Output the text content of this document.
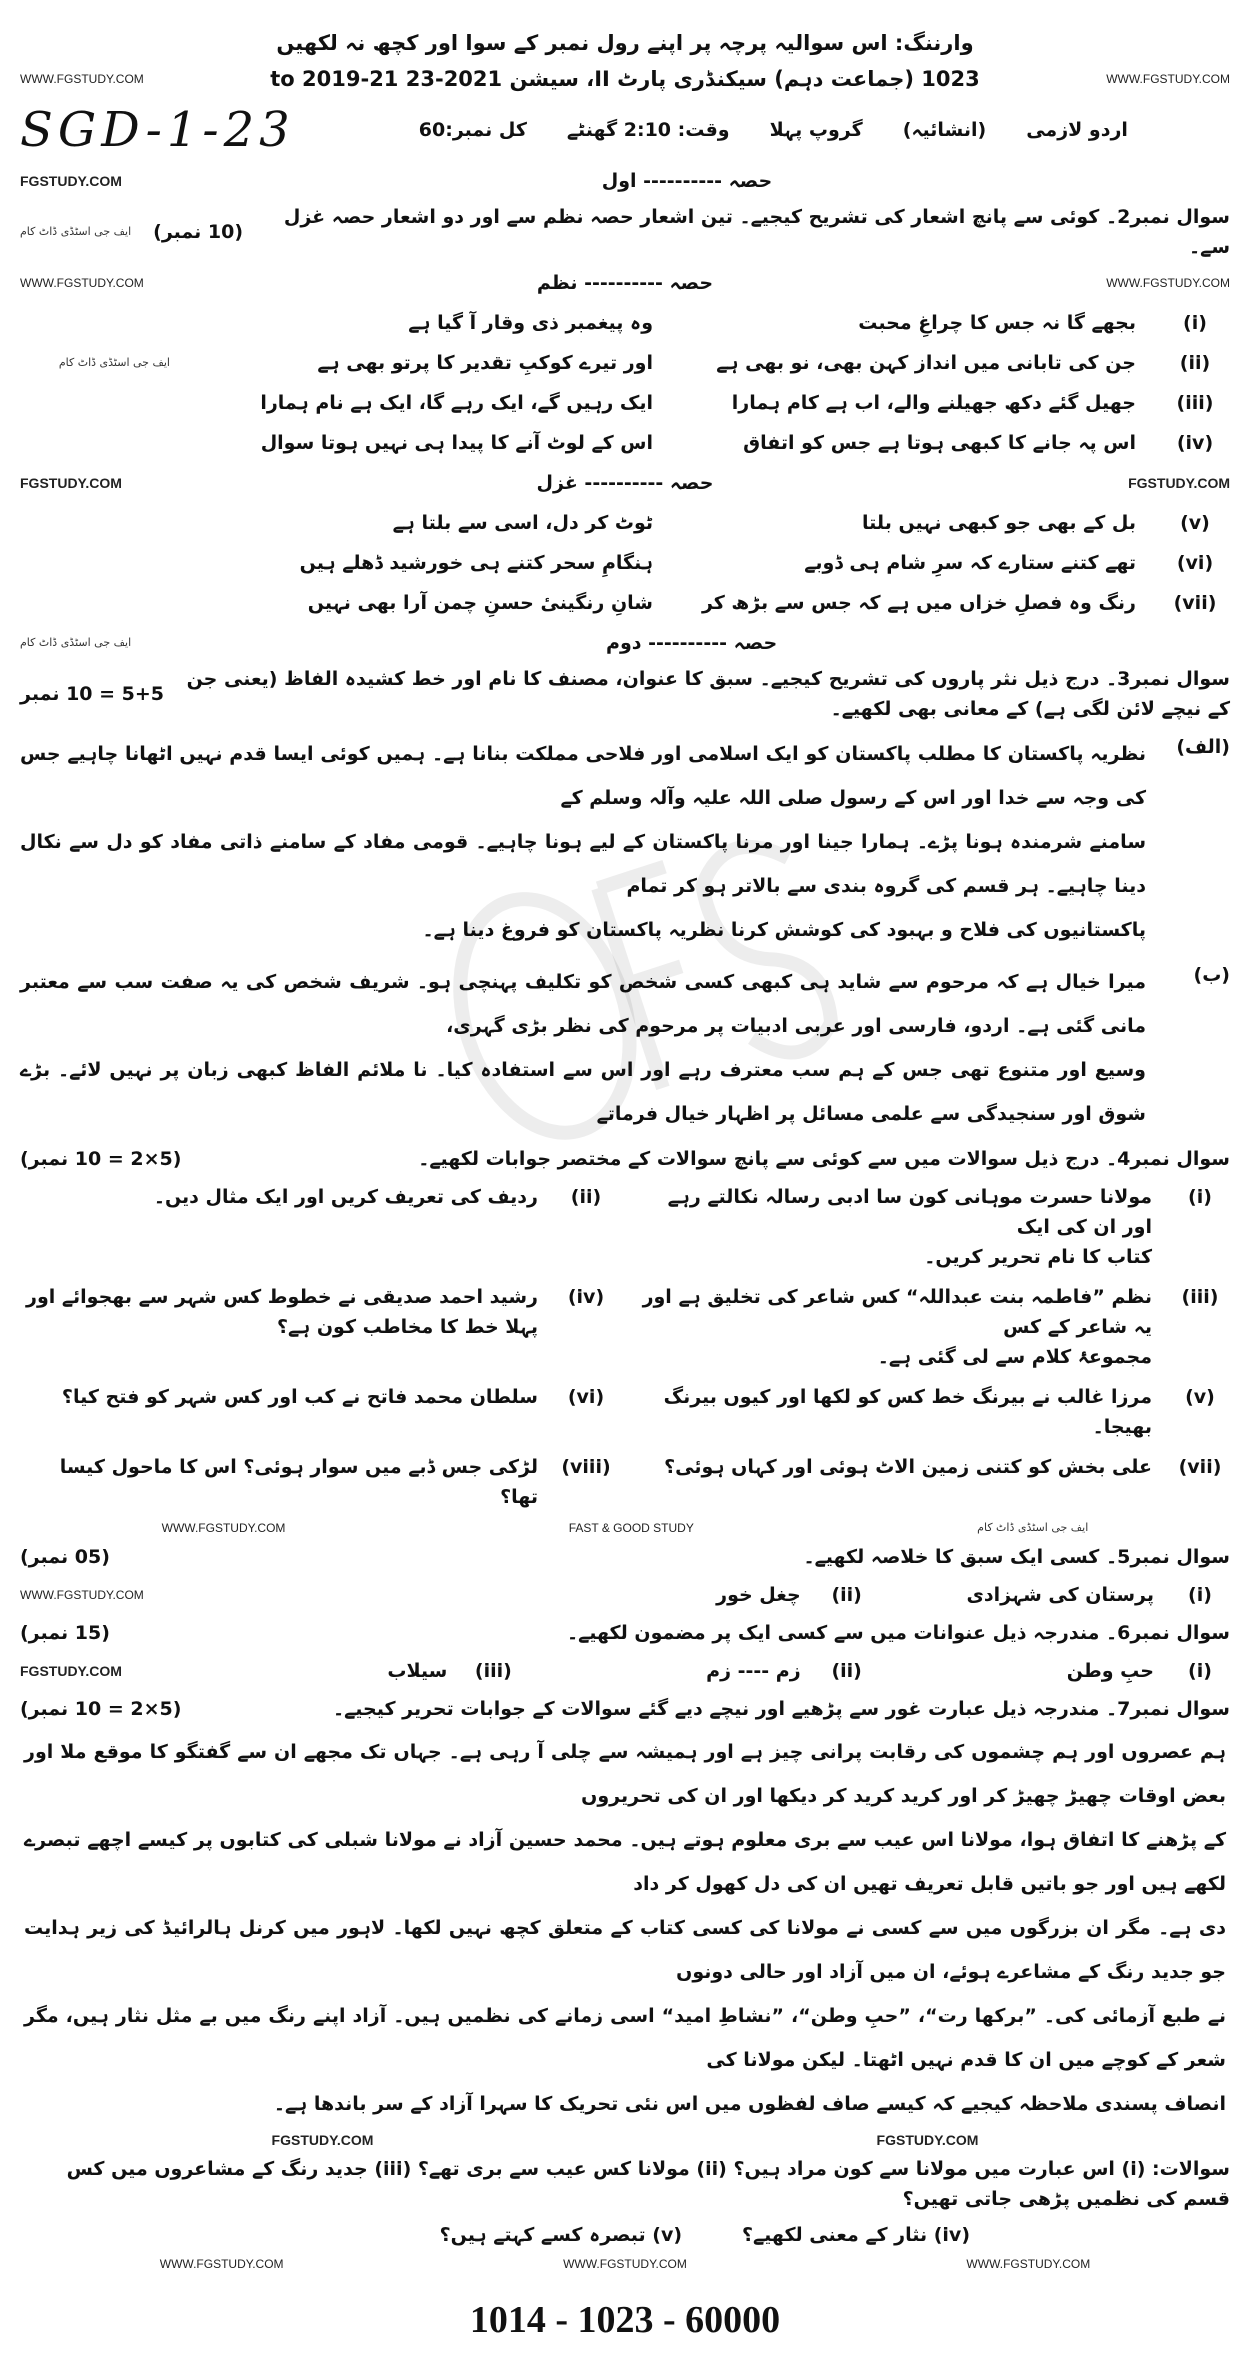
وارننگ: اس سوالیہ پرچہ پر اپنے رول نمبر کے سوا اور کچھ نہ لکھیں
WWW.FGSTUDY.COM
1023 (جماعت دہم) سیکنڈری پارٹ II، سیشن 2021-23 to 2019-21
WWW.FGSTUDY.COM
اردو لازمی
(انشائیہ)
گروپ پہلا
وقت: 2:10 گھنٹے
کل نمبر:60
SGD-1-23
حصہ ---------- اول
FGSTUDY.COM
سوال نمبر2۔ کوئی سے پانچ اشعار کی تشریح کیجیے۔ تین اشعار حصہ نظم سے اور دو اشعار حصہ غزل سے۔
(10 نمبر)
ایف جی اسٹڈی ڈاٹ کام
WWW.FGSTUDY.COM
حصہ ---------- نظم
WWW.FGSTUDY.COM
(i)
بجھے گا نہ جس کا چراغِ محبت
وہ پیغمبر ذی وقار آ گیا ہے
(ii)
جن کی تابانی میں انداز کہن بھی، نو بھی ہے
اور تیرے کوکبِ تقدیر کا پرتو بھی ہے
ایف جی اسٹڈی ڈاٹ کام
(iii)
جھیل گئے دکھ جھیلنے والے، اب ہے کام ہمارا
ایک رہیں گے، ایک رہے گا، ایک ہے نام ہمارا
(iv)
اس پہ جانے کا کبھی ہوتا ہے جس کو اتفاق
اس کے لوٹ آنے کا پیدا ہی نہیں ہوتا سوال
FGSTUDY.COM
حصہ ---------- غزل
FGSTUDY.COM
(v)
بل کے بھی جو کبھی نہیں بلتا
ٹوٹ کر دل، اسی سے بلتا ہے
(vi)
تھے کتنے ستارے کہ سرِ شام ہی ڈوبے
ہنگامِ سحر کتنے ہی خورشید ڈھلے ہیں
(vii)
رنگ وہ فصلِ خزاں میں ہے کہ جس سے بڑھ کر
شانِ رنگینیٔ حسنِ چمن آرا بھی نہیں
حصہ ---------- دوم
ایف جی اسٹڈی ڈاٹ کام
سوال نمبر3۔ درج ذیل نثر پاروں کی تشریح کیجیے۔ سبق کا عنوان، مصنف کا نام اور خط کشیدہ الفاظ (یعنی جن کے نیچے لائن لگی ہے) کے معانی بھی لکھیے۔
5+5 = 10 نمبر
(الف)
نظریہ پاکستان کا مطلب پاکستان کو ایک اسلامی اور فلاحی مملکت بنانا ہے۔ ہمیں کوئی ایسا قدم نہیں اٹھانا چاہیے جس کی وجہ سے خدا اور اس کے رسول صلی اللہ علیہ وآلہ وسلم کے
سامنے شرمندہ ہونا پڑے۔ ہمارا جینا اور مرنا پاکستان کے لیے ہونا چاہیے۔ قومی مفاد کے سامنے ذاتی مفاد کو دل سے نکال دینا چاہیے۔ ہر قسم کی گروہ بندی سے بالاتر ہو کر تمام
پاکستانیوں کی فلاح و بہبود کی کوشش کرنا نظریہ پاکستان کو فروغ دینا ہے۔
(ب)
میرا خیال ہے کہ مرحوم سے شاید ہی کبھی کسی شخص کو تکلیف پہنچی ہو۔ شریف شخص کی یہ صفت سب سے معتبر مانی گئی ہے۔ اردو، فارسی اور عربی ادبیات پر مرحوم کی نظر بڑی گہری،
وسیع اور متنوع تھی جس کے ہم سب معترف رہے اور اس سے استفادہ کیا۔ نا ملائم الفاظ کبھی زبان پر نہیں لائے۔ بڑے شوق اور سنجیدگی سے علمی مسائل پر اظہار خیال فرماتے
سوال نمبر4۔ درج ذیل سوالات میں سے کوئی سے پانچ سوالات کے مختصر جوابات لکھیے۔
(5×2 = 10 نمبر)
(i)
مولانا حسرت موہانی کون سا ادبی رسالہ نکالتے رہے اور ان کی ایک
کتاب کا نام تحریر کریں۔
(ii)
ردیف کی تعریف کریں اور ایک مثال دیں۔
(iii)
نظم ”فاطمہ بنت عبداللہ“ کس شاعر کی تخلیق ہے اور یہ شاعر کے کس
مجموعۂ کلام سے لی گئی ہے۔
(iv)
رشید احمد صدیقی نے خطوط کس شہر سے بھجوائے اور پہلا خط کا مخاطب کون ہے؟
(v)
مرزا غالب نے بیرنگ خط کس کو لکھا اور کیوں بیرنگ بھیجا۔
(vi)
سلطان محمد فاتح نے کب اور کس شہر کو فتح کیا؟
(vii)
علی بخش کو کتنی زمین الاٹ ہوئی اور کہاں ہوئی؟
(viii)
لڑکی جس ڈبے میں سوار ہوئی؟ اس کا ماحول کیسا تھا؟
WWW.FGSTUDY.COM	FAST & GOOD STUDY	ایف جی اسٹڈی ڈاٹ کام
سوال نمبر5۔ کسی ایک سبق کا خلاصہ لکھیے۔
(05 نمبر)
(i)
پرستان کی شہزادی
(ii)
چغل خور
WWW.FGSTUDY.COM
سوال نمبر6۔ مندرجہ ذیل عنوانات میں سے کسی ایک پر مضمون لکھیے۔
(15 نمبر)
(i)
حبِ وطن
(ii)
زم ---- زم
(iii)
سیلاب
FGSTUDY.COM
سوال نمبر7۔ مندرجہ ذیل عبارت غور سے پڑھیے اور نیچے دیے گئے سوالات کے جوابات تحریر کیجیے۔
(5×2 = 10 نمبر)
ہم عصروں اور ہم چشموں کی رقابت پرانی چیز ہے اور ہمیشہ سے چلی آ رہی ہے۔ جہاں تک مجھے ان سے گفتگو کا موقع ملا اور بعض اوقات چھیڑ چھیڑ کر اور کرید کرید کر دیکھا اور ان کی تحریروں
کے پڑھنے کا اتفاق ہوا، مولانا اس عیب سے بری معلوم ہوتے ہیں۔ محمد حسین آزاد نے مولانا شبلی کی کتابوں پر کیسے اچھے تبصرے لکھے ہیں اور جو باتیں قابل تعریف تھیں ان کی دل کھول کر داد
دی ہے۔ مگر ان بزرگوں میں سے کسی نے مولانا کی کسی کتاب کے متعلق کچھ نہیں لکھا۔ لاہور میں کرنل ہالرائیڈ کی زیر ہدایت جو جدید رنگ کے مشاعرے ہوئے، ان میں آزاد اور حالی دونوں
نے طبع آزمائی کی۔ ”برکھا رت“، ”حبِ وطن“، ”نشاطِ امید“ اسی زمانے کی نظمیں ہیں۔ آزاد اپنے رنگ میں بے مثل نثار ہیں، مگر شعر کے کوچے میں ان کا قدم نہیں اٹھتا۔ لیکن مولانا کی
انصاف پسندی ملاحظہ کیجیے کہ کیسے صاف لفظوں میں اس نئی تحریک کا سہرا آزاد کے سر باندھا ہے۔
FGSTUDY.COM	FGSTUDY.COM
سوالات: (i) اس عبارت میں مولانا سے کون مراد ہیں؟ (ii) مولانا کس عیب سے بری تھے؟ (iii) جدید رنگ کے مشاعروں میں کس قسم کی نظمیں پڑھی جاتی تھیں؟
(iv) نثار کے معنی لکھیے؟
(v) تبصرہ کسے کہتے ہیں؟
WWW.FGSTUDY.COM	WWW.FGSTUDY.COM	WWW.FGSTUDY.COM
1014 - 1023 - 60000
